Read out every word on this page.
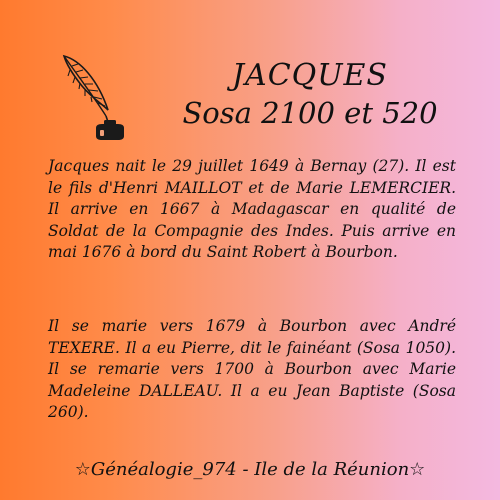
JACQUES
Sosa 2100 et 520

Jacques nait le 29 juillet 1649 à Bernay (27). Il est le fils d'Henri MAILLOT et de Marie LEMERCIER. Il arrive en 1667 à Madagascar en qualité de Soldat de la Compagnie des Indes. Puis arrive en mai 1676 à bord du Saint Robert à Bourbon.

Il se marie vers 1679 à Bourbon avec André TEXERE. Il a eu Pierre, dit le fainéant (Sosa 1050). Il se remarie vers 1700 à Bourbon avec Marie Madeleine DALLEAU. Il a eu Jean Baptiste (Sosa 260).

☆Généalogie_974 - Ile de la Réunion☆
